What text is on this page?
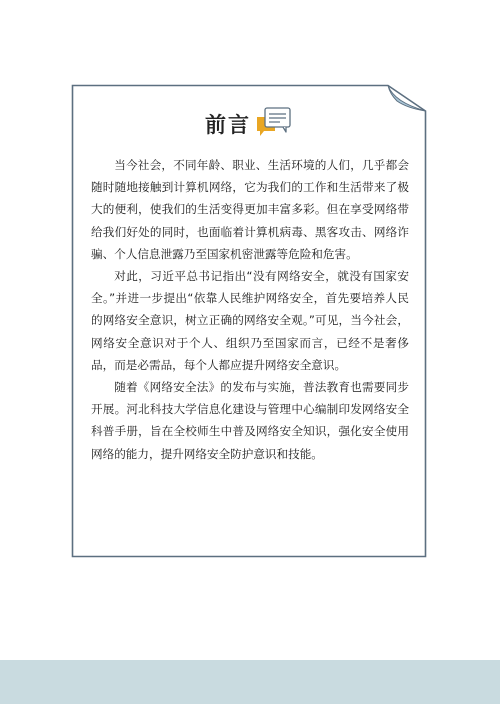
前言

当今社会，不同年龄、职业、生活环境的人们，几乎都会随时随地接触到计算机网络，它为我们的工作和生活带来了极大的便利，使我们的生活变得更加丰富多彩。但在享受网络带给我们好处的同时，也面临着计算机病毒、黑客攻击、网络诈骗、个人信息泄露乃至国家机密泄露等危险和危害。

对此，习近平总书记指出“没有网络安全，就没有国家安全。”并进一步提出“依靠人民维护网络安全，首先要培养人民的网络安全意识，树立正确的网络安全观。”可见，当今社会，网络安全意识对于个人、组织乃至国家而言，已经不是奢侈品，而是必需品，每个人都应提升网络安全意识。

随着《网络安全法》的发布与实施，普法教育也需要同步开展。河北科技大学信息化建设与管理中心编制印发网络安全科普手册，旨在全校师生中普及网络安全知识，强化安全使用网络的能力，提升网络安全防护意识和技能。
